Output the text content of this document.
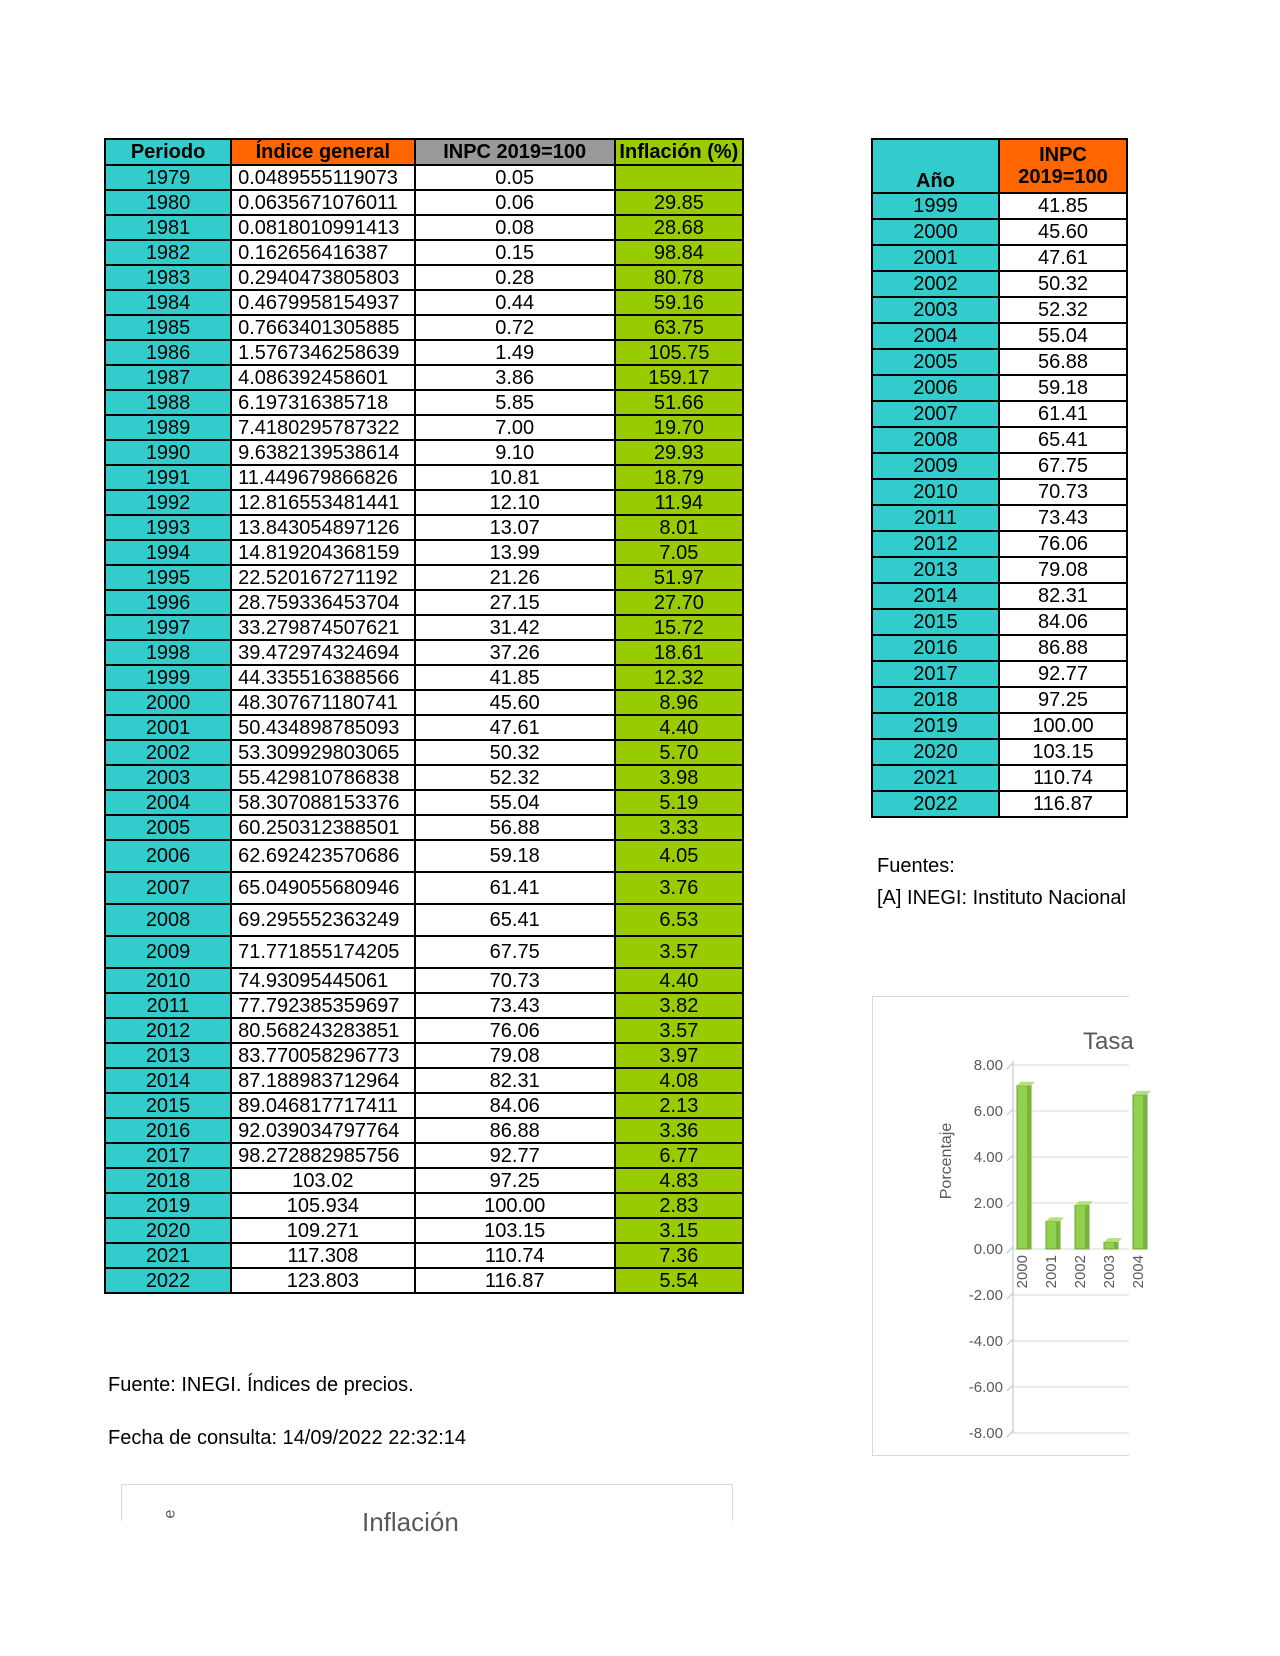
Periodo	Índice general	INPC 2019=100	Inflación (%)
1979	0.0489555119073	0.05	
1980	0.0635671076011	0.06	29.85
1981	0.0818010991413	0.08	28.68
1982	0.162656416387	0.15	98.84
1983	0.2940473805803	0.28	80.78
1984	0.4679958154937	0.44	59.16
1985	0.7663401305885	0.72	63.75
1986	1.5767346258639	1.49	105.75
1987	4.086392458601	3.86	159.17
1988	6.197316385718	5.85	51.66
1989	7.4180295787322	7.00	19.70
1990	9.6382139538614	9.10	29.93
1991	11.449679866826	10.81	18.79
1992	12.816553481441	12.10	11.94
1993	13.843054897126	13.07	8.01
1994	14.819204368159	13.99	7.05
1995	22.520167271192	21.26	51.97
1996	28.759336453704	27.15	27.70
1997	33.279874507621	31.42	15.72
1998	39.472974324694	37.26	18.61
1999	44.335516388566	41.85	12.32
2000	48.307671180741	45.60	8.96
2001	50.434898785093	47.61	4.40
2002	53.309929803065	50.32	5.70
2003	55.429810786838	52.32	3.98
2004	58.307088153376	55.04	5.19
2005	60.250312388501	56.88	3.33
2006	62.692423570686	59.18	4.05
2007	65.049055680946	61.41	3.76
2008	69.295552363249	65.41	6.53
2009	71.771855174205	67.75	3.57
2010	74.93095445061	70.73	4.40
2011	77.792385359697	73.43	3.82
2012	80.568243283851	76.06	3.57
2013	83.770058296773	79.08	3.97
2014	87.188983712964	82.31	4.08
2015	89.046817717411	84.06	2.13
2016	92.039034797764	86.88	3.36
2017	98.272882985756	92.77	6.77
2018	103.02	97.25	4.83
2019	105.934	100.00	2.83
2020	109.271	103.15	3.15
2021	117.308	110.74	7.36
2022	123.803	116.87	5.54
Año	INPC 2019=100
1999	41.85
2000	45.60
2001	47.61
2002	50.32
2003	52.32
2004	55.04
2005	56.88
2006	59.18
2007	61.41
2008	65.41
2009	67.75
2010	70.73
2011	73.43
2012	76.06
2013	79.08
2014	82.31
2015	84.06
2016	86.88
2017	92.77
2018	97.25
2019	100.00
2020	103.15
2021	110.74
2022	116.87
Fuente: INEGI. Índices de precios.
Fecha de consulta: 14/09/2022 22:32:14
Fuentes:
[A] INEGI: Instituto Nacional
Tasa
Porcentaje
8.00
6.00
4.00
2.00
0.00
-2.00
-4.00
-6.00
-8.00
2000 2001 2002 2003 2004
e	Inflación
